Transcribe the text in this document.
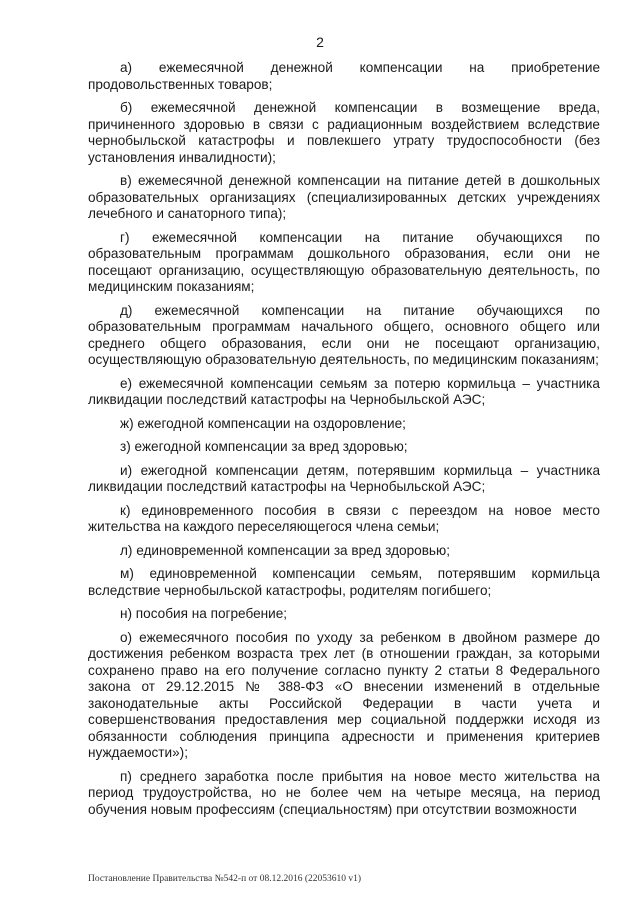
2

а) ежемесячной денежной компенсации на приобретение продовольственных товаров;

б) ежемесячной денежной компенсации в возмещение вреда, причиненного здоровью в связи с радиационным воздействием вследствие чернобыльской катастрофы и повлекшего утрату трудоспособности (без установления инвалидности);

в) ежемесячной денежной компенсации на питание детей в дошкольных образовательных организациях (специализированных детских учреждениях лечебного и санаторного типа);

г) ежемесячной компенсации на питание обучающихся по образовательным программам дошкольного образования, если они не посещают организацию, осуществляющую образовательную деятельность, по медицинским показаниям;

д) ежемесячной компенсации на питание обучающихся по образовательным программам начального общего, основного общего или среднего общего образования, если они не посещают организацию, осуществляющую образовательную деятельность, по медицинским показаниям;

е) ежемесячной компенсации семьям за потерю кормильца – участника ликвидации последствий катастрофы на Чернобыльской АЭС;

ж) ежегодной компенсации на оздоровление;

з) ежегодной компенсации за вред здоровью;

и) ежегодной компенсации детям, потерявшим кормильца – участника ликвидации последствий катастрофы на Чернобыльской АЭС;

к) единовременного пособия в связи с переездом на новое место жительства на каждого переселяющегося члена семьи;

л) единовременной компенсации за вред здоровью;

м) единовременной компенсации семьям, потерявшим кормильца вследствие чернобыльской катастрофы, родителям погибшего;

н) пособия на погребение;

о) ежемесячного пособия по уходу за ребенком в двойном размере до достижения ребенком возраста трех лет (в отношении граждан, за которыми сохранено право на его получение согласно пункту 2 статьи 8 Федерального закона от 29.12.2015 № 388-ФЗ «О внесении изменений в отдельные законодательные акты Российской Федерации в части учета и совершенствования предоставления мер социальной поддержки исходя из обязанности соблюдения принципа адресности и применения критериев нуждаемости»);

п) среднего заработка после прибытия на новое место жительства на период трудоустройства, но не более чем на четыре месяца, на период обучения новым профессиям (специальностям) при отсутствии возможности

Постановление Правительства №542-п от 08.12.2016 (22053610 v1)
